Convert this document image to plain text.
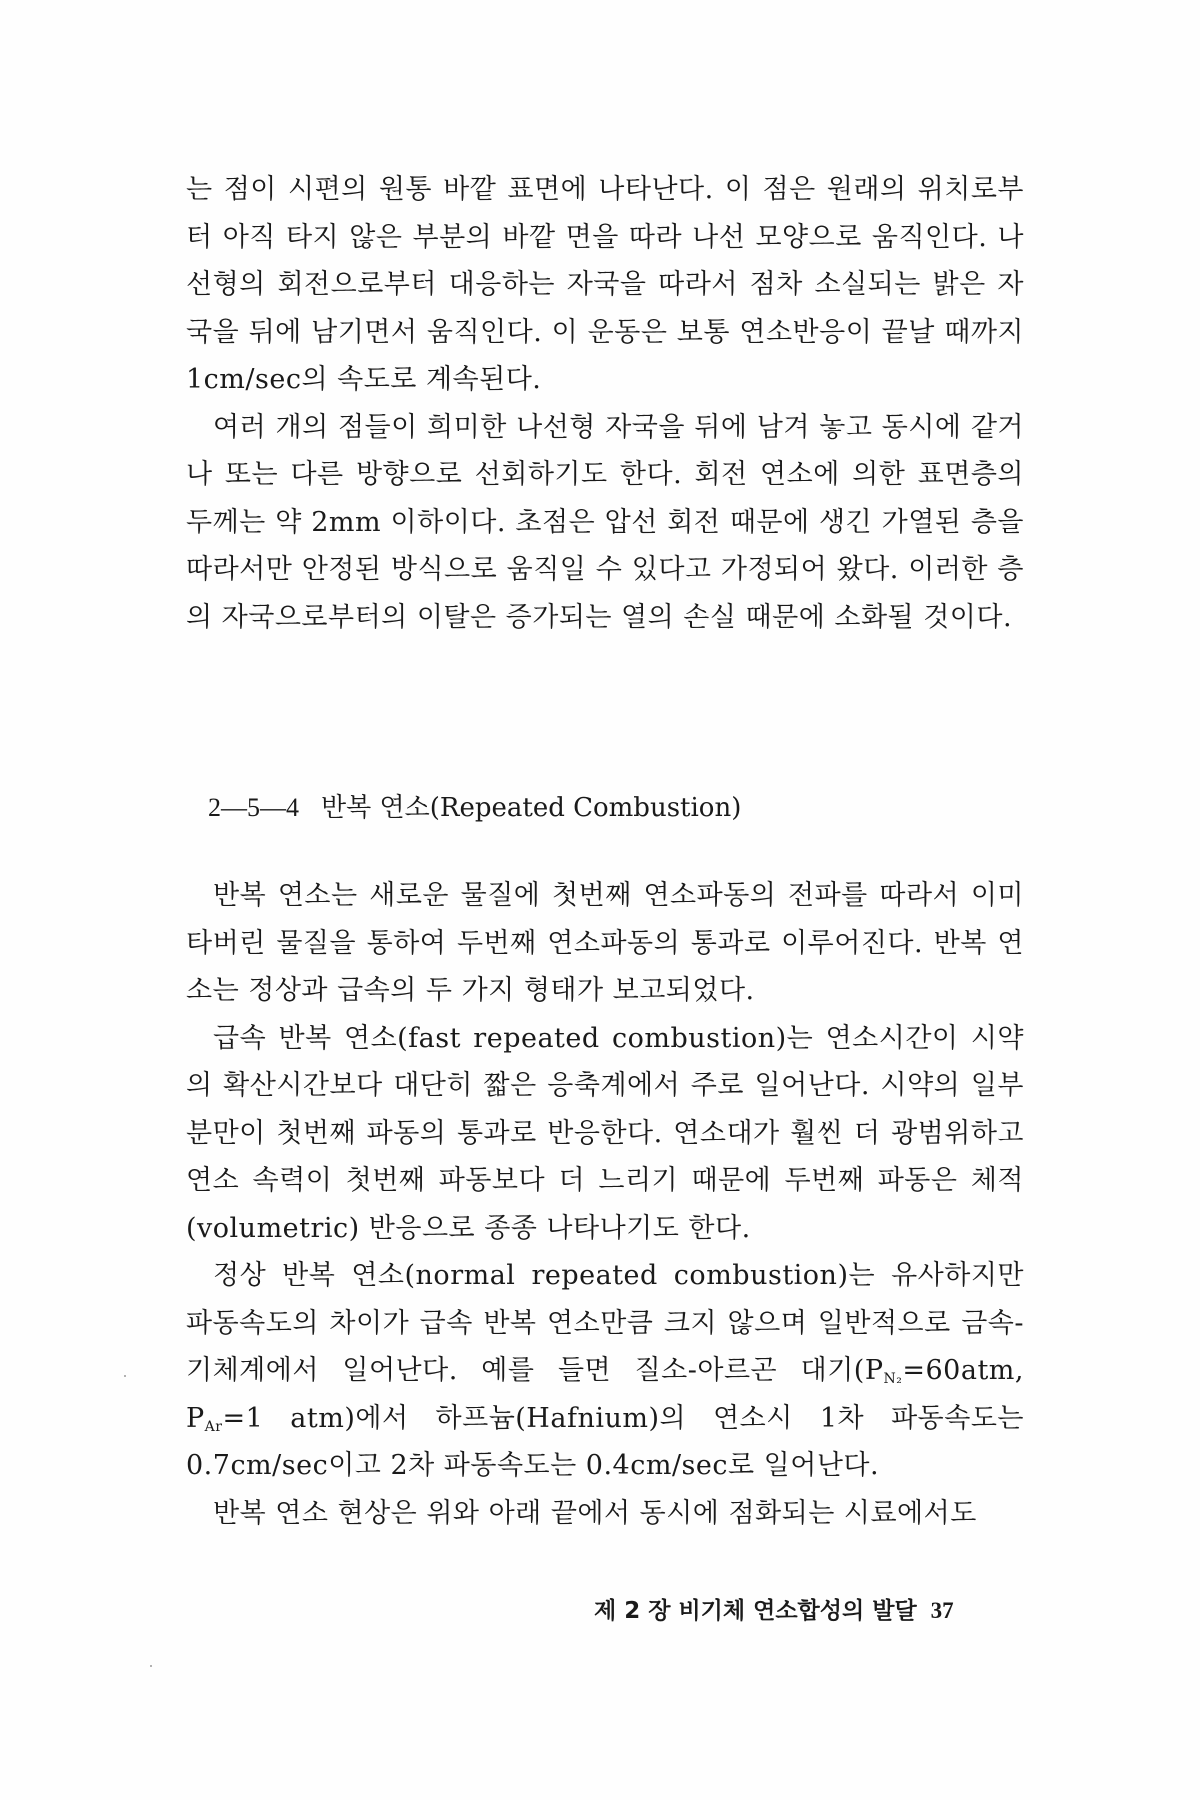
는 점이 시편의 원통 바깥 표면에 나타난다. 이 점은 원래의 위치로부터 아직 타지 않은 부분의 바깥 면을 따라 나선 모양으로 움직인다. 나선형의 회전으로부터 대응하는 자국을 따라서 점차 소실되는 밝은 자국을 뒤에 남기면서 움직인다. 이 운동은 보통 연소반응이 끝날 때까지 1cm/sec의 속도로 계속된다.

여러 개의 점들이 희미한 나선형 자국을 뒤에 남겨 놓고 동시에 같거나 또는 다른 방향으로 선회하기도 한다. 회전 연소에 의한 표면층의 두께는 약 2mm 이하이다. 초점은 압선 회전 때문에 생긴 가열된 층을 따라서만 안정된 방식으로 움직일 수 있다고 가정되어 왔다. 이러한 층의 자국으로부터의 이탈은 증가되는 열의 손실 때문에 소화될 것이다.

2—5—4 반복 연소(Repeated Combustion)

반복 연소는 새로운 물질에 첫번째 연소파동의 전파를 따라서 이미 타버린 물질을 통하여 두번째 연소파동의 통과로 이루어진다. 반복 연소는 정상과 급속의 두 가지 형태가 보고되었다.

급속 반복 연소(fast repeated combustion)는 연소시간이 시약의 확산시간보다 대단히 짧은 응축계에서 주로 일어난다. 시약의 일부분만이 첫번째 파동의 통과로 반응한다. 연소대가 훨씬 더 광범위하고 연소 속력이 첫번째 파동보다 더 느리기 때문에 두번째 파동은 체적(volumetric) 반응으로 종종 나타나기도 한다.

정상 반복 연소(normal repeated combustion)는 유사하지만 파동속도의 차이가 급속 반복 연소만큼 크지 않으며 일반적으로 금속-기체계에서 일어난다. 예를 들면 질소-아르곤 대기($P_{N_2}=60atm$, $P_{Ar}=1$ atm)에서 하프늄(Hafnium)의 연소시 1차 파동속도는 0.7cm/sec이고 2차 파동속도는 0.4cm/sec로 일어난다.

반복 연소 현상은 위와 아래 끝에서 동시에 점화되는 시료에서도

제 2 장 비기체 연소합성의 발달 37
